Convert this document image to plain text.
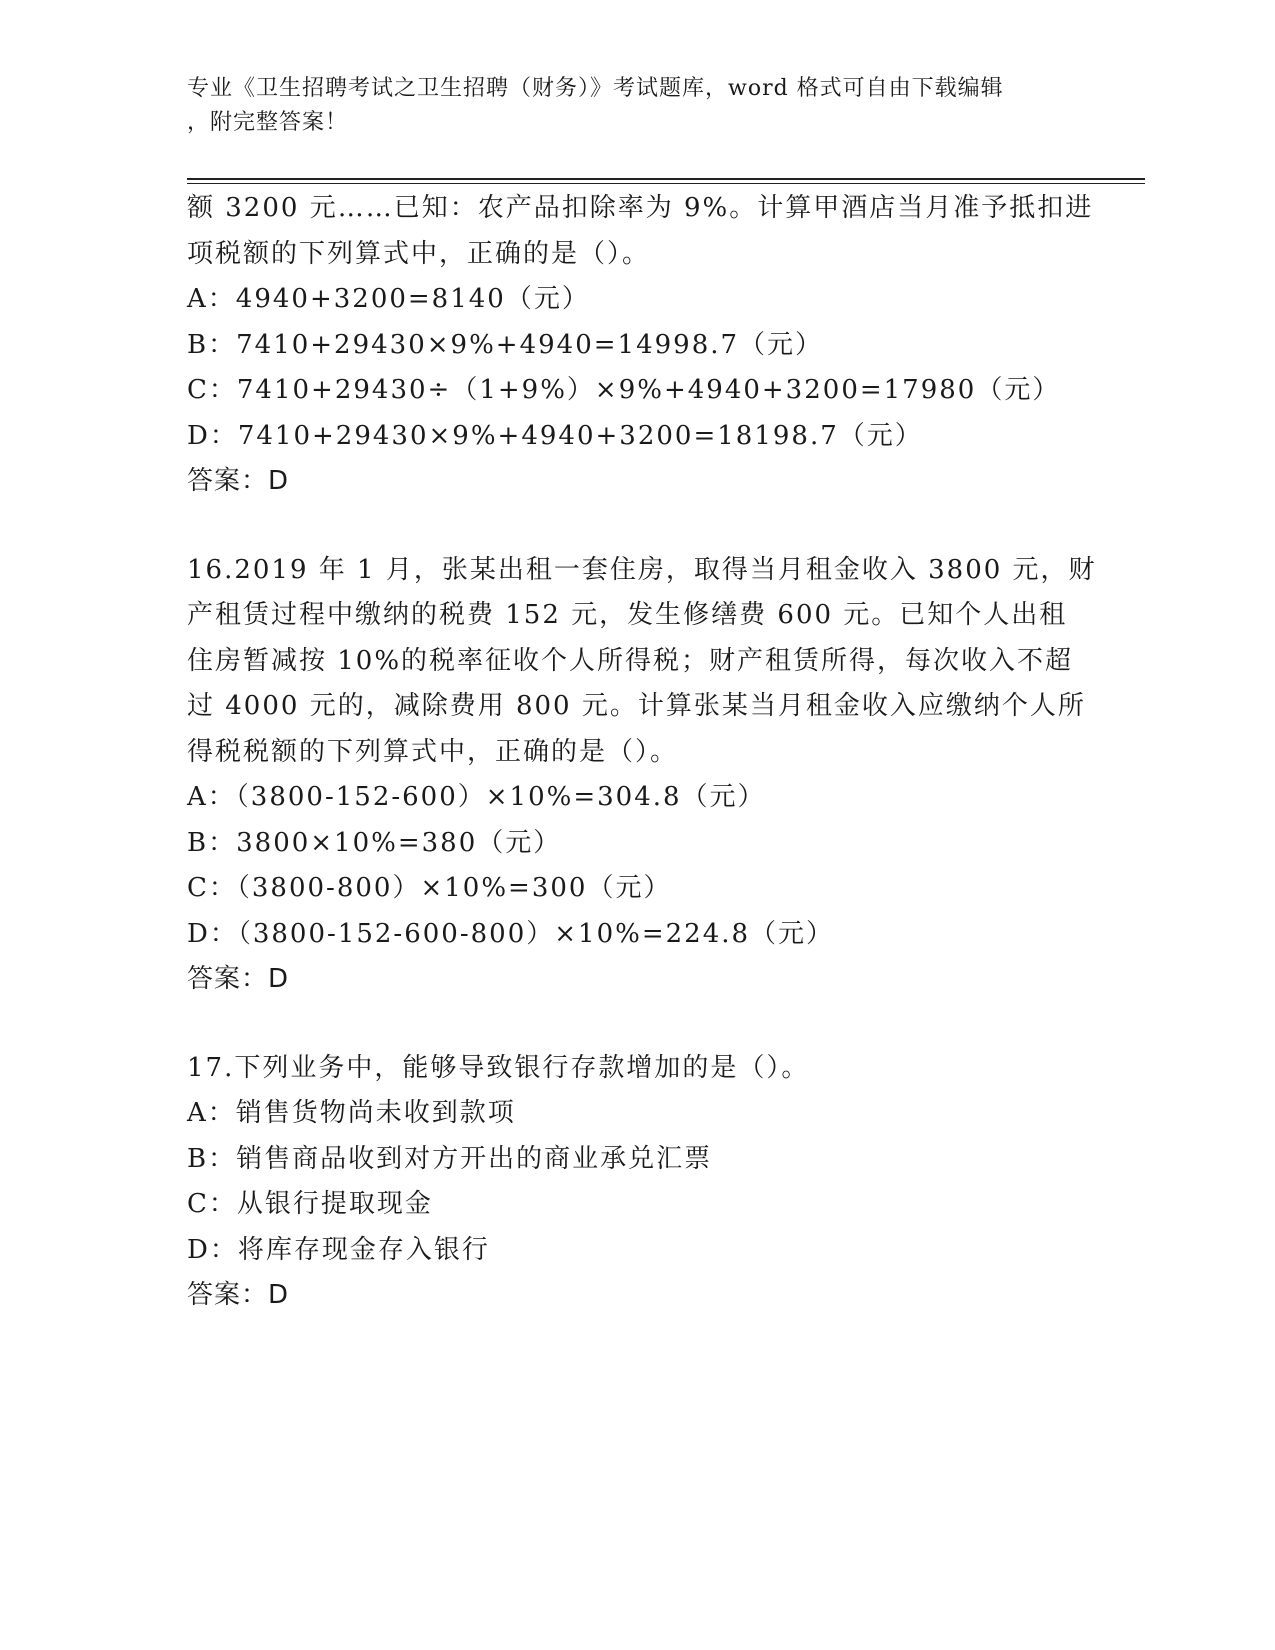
专业《卫生招聘考试之卫生招聘（财务）》考试题库，word 格式可自由下载编辑
，附完整答案！
额 3200 元……已知：农产品扣除率为 9%。计算甲酒店当月准予抵扣进
项税额的下列算式中，正确的是（）。
A：4940+3200=8140（元）
B：7410+29430×9%+4940=14998.7（元）
C：7410+29430÷（1+9%）×9%+4940+3200=17980（元）
D：7410+29430×9%+4940+3200=18198.7（元）
答案：D
16.2019 年 1 月，张某出租一套住房，取得当月租金收入 3800 元，财
产租赁过程中缴纳的税费 152 元，发生修缮费 600 元。已知个人出租
住房暂减按 10%的税率征收个人所得税；财产租赁所得，每次收入不超
过 4000 元的，减除费用 800 元。计算张某当月租金收入应缴纳个人所
得税税额的下列算式中，正确的是（）。
A：（3800-152-600）×10%=304.8（元）
B：3800×10%=380（元）
C：（3800-800）×10%=300（元）
D：（3800-152-600-800）×10%=224.8（元）
答案：D
17.下列业务中，能够导致银行存款增加的是（）。
A：销售货物尚未收到款项
B：销售商品收到对方开出的商业承兑汇票
C：从银行提取现金
D：将库存现金存入银行
答案：D
